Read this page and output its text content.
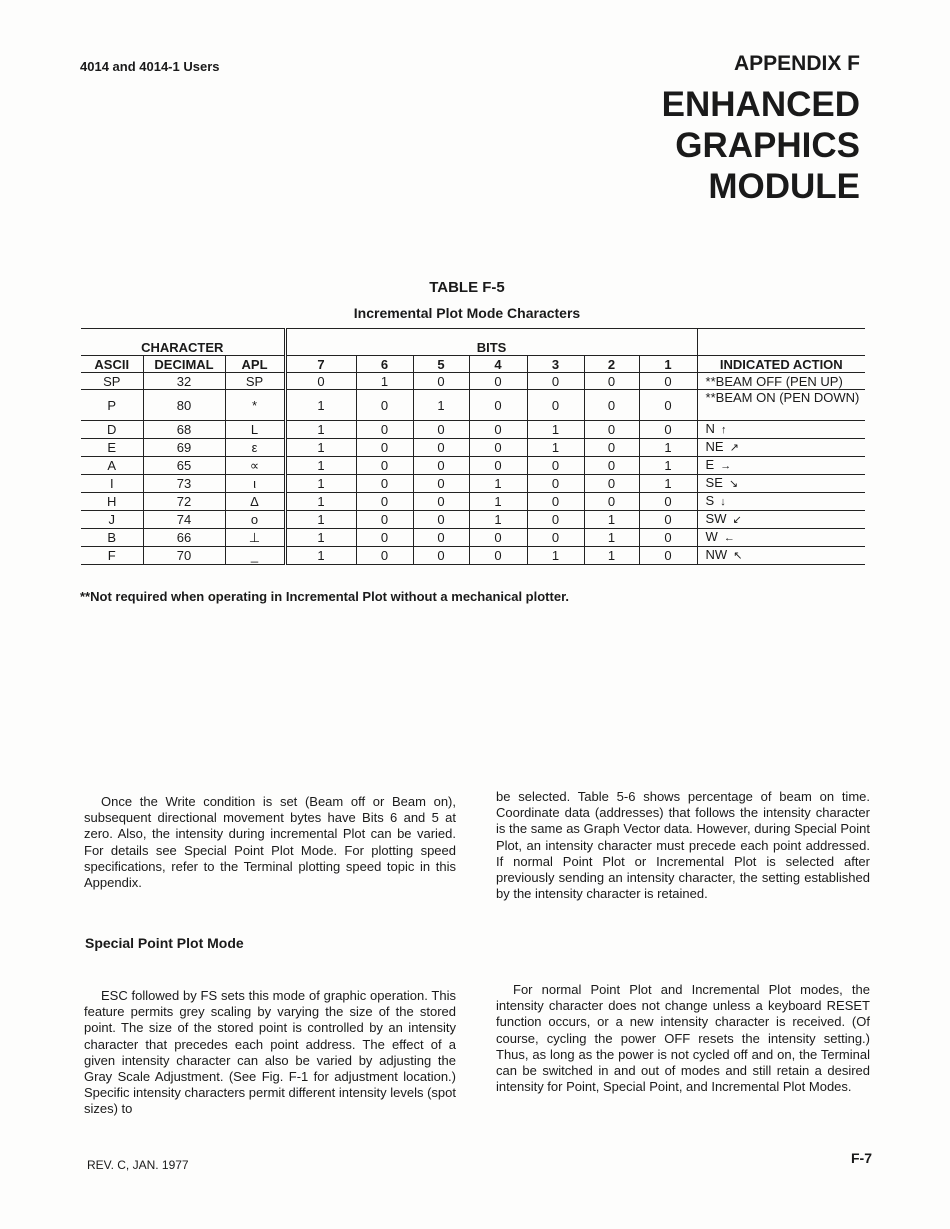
4014 and 4014-1 Users	APPENDIX F
ENHANCED
GRAPHICS
MODULE
TABLE F-5
Incremental Plot Mode Characters
CHARACTER			BITS							
ASCII	DECIMAL	APL	7	6	5	4	3	2	1	INDICATED ACTION
SP	32	SP	0	1	0	0	0	0	0	**BEAM OFF (PEN UP)
P	80	*	1	0	1	0	0	0	0	**BEAM ON (PEN DOWN)
D	68	L	1	0	0	0	1	0	0	N ↑
E	69	ε	1	0	0	0	1	0	1	NE ↗
A	65	∝	1	0	0	0	0	0	1	E →
I	73	ι	1	0	0	1	0	0	1	SE ↘
H	72	Δ	1	0	0	1	0	0	0	S ↓
J	74	o	1	0	0	1	0	1	0	SW ↙
B	66	⊥	1	0	0	0	0	1	0	W ←
F	70	_	1	0	0	0	1	1	0	NW ↖
**Not required when operating in Incremental Plot without a mechanical plotter.
Once the Write condition is set (Beam off or Beam on), subsequent directional movement bytes have Bits 6 and 5 at zero. Also, the intensity during incremental Plot can be varied. For details see Special Point Plot Mode. For plotting speed specifications, refer to the Terminal plotting speed topic in this Appendix.
Special Point Plot Mode
ESC followed by FS sets this mode of graphic operation. This feature permits grey scaling by varying the size of the stored point. The size of the stored point is controlled by an intensity character that precedes each point address. The effect of a given intensity character can also be varied by adjusting the Gray Scale Adjustment. (See Fig. F-1 for adjustment location.) Specific intensity characters permit different intensity levels (spot sizes) to
be selected. Table 5-6 shows percentage of beam on time. Coordinate data (addresses) that follows the intensity character is the same as Graph Vector data. However, during Special Point Plot, an intensity character must precede each point addressed. If normal Point Plot or Incremental Plot is selected after previously sending an intensity character, the setting established by the intensity character is retained.
For normal Point Plot and Incremental Plot modes, the intensity character does not change unless a keyboard RESET function occurs, or a new intensity character is received. (Of course, cycling the power OFF resets the intensity setting.) Thus, as long as the power is not cycled off and on, the Terminal can be switched in and out of modes and still retain a desired intensity for Point, Special Point, and Incremental Plot Modes.
REV. C, JAN. 1977	F-7
